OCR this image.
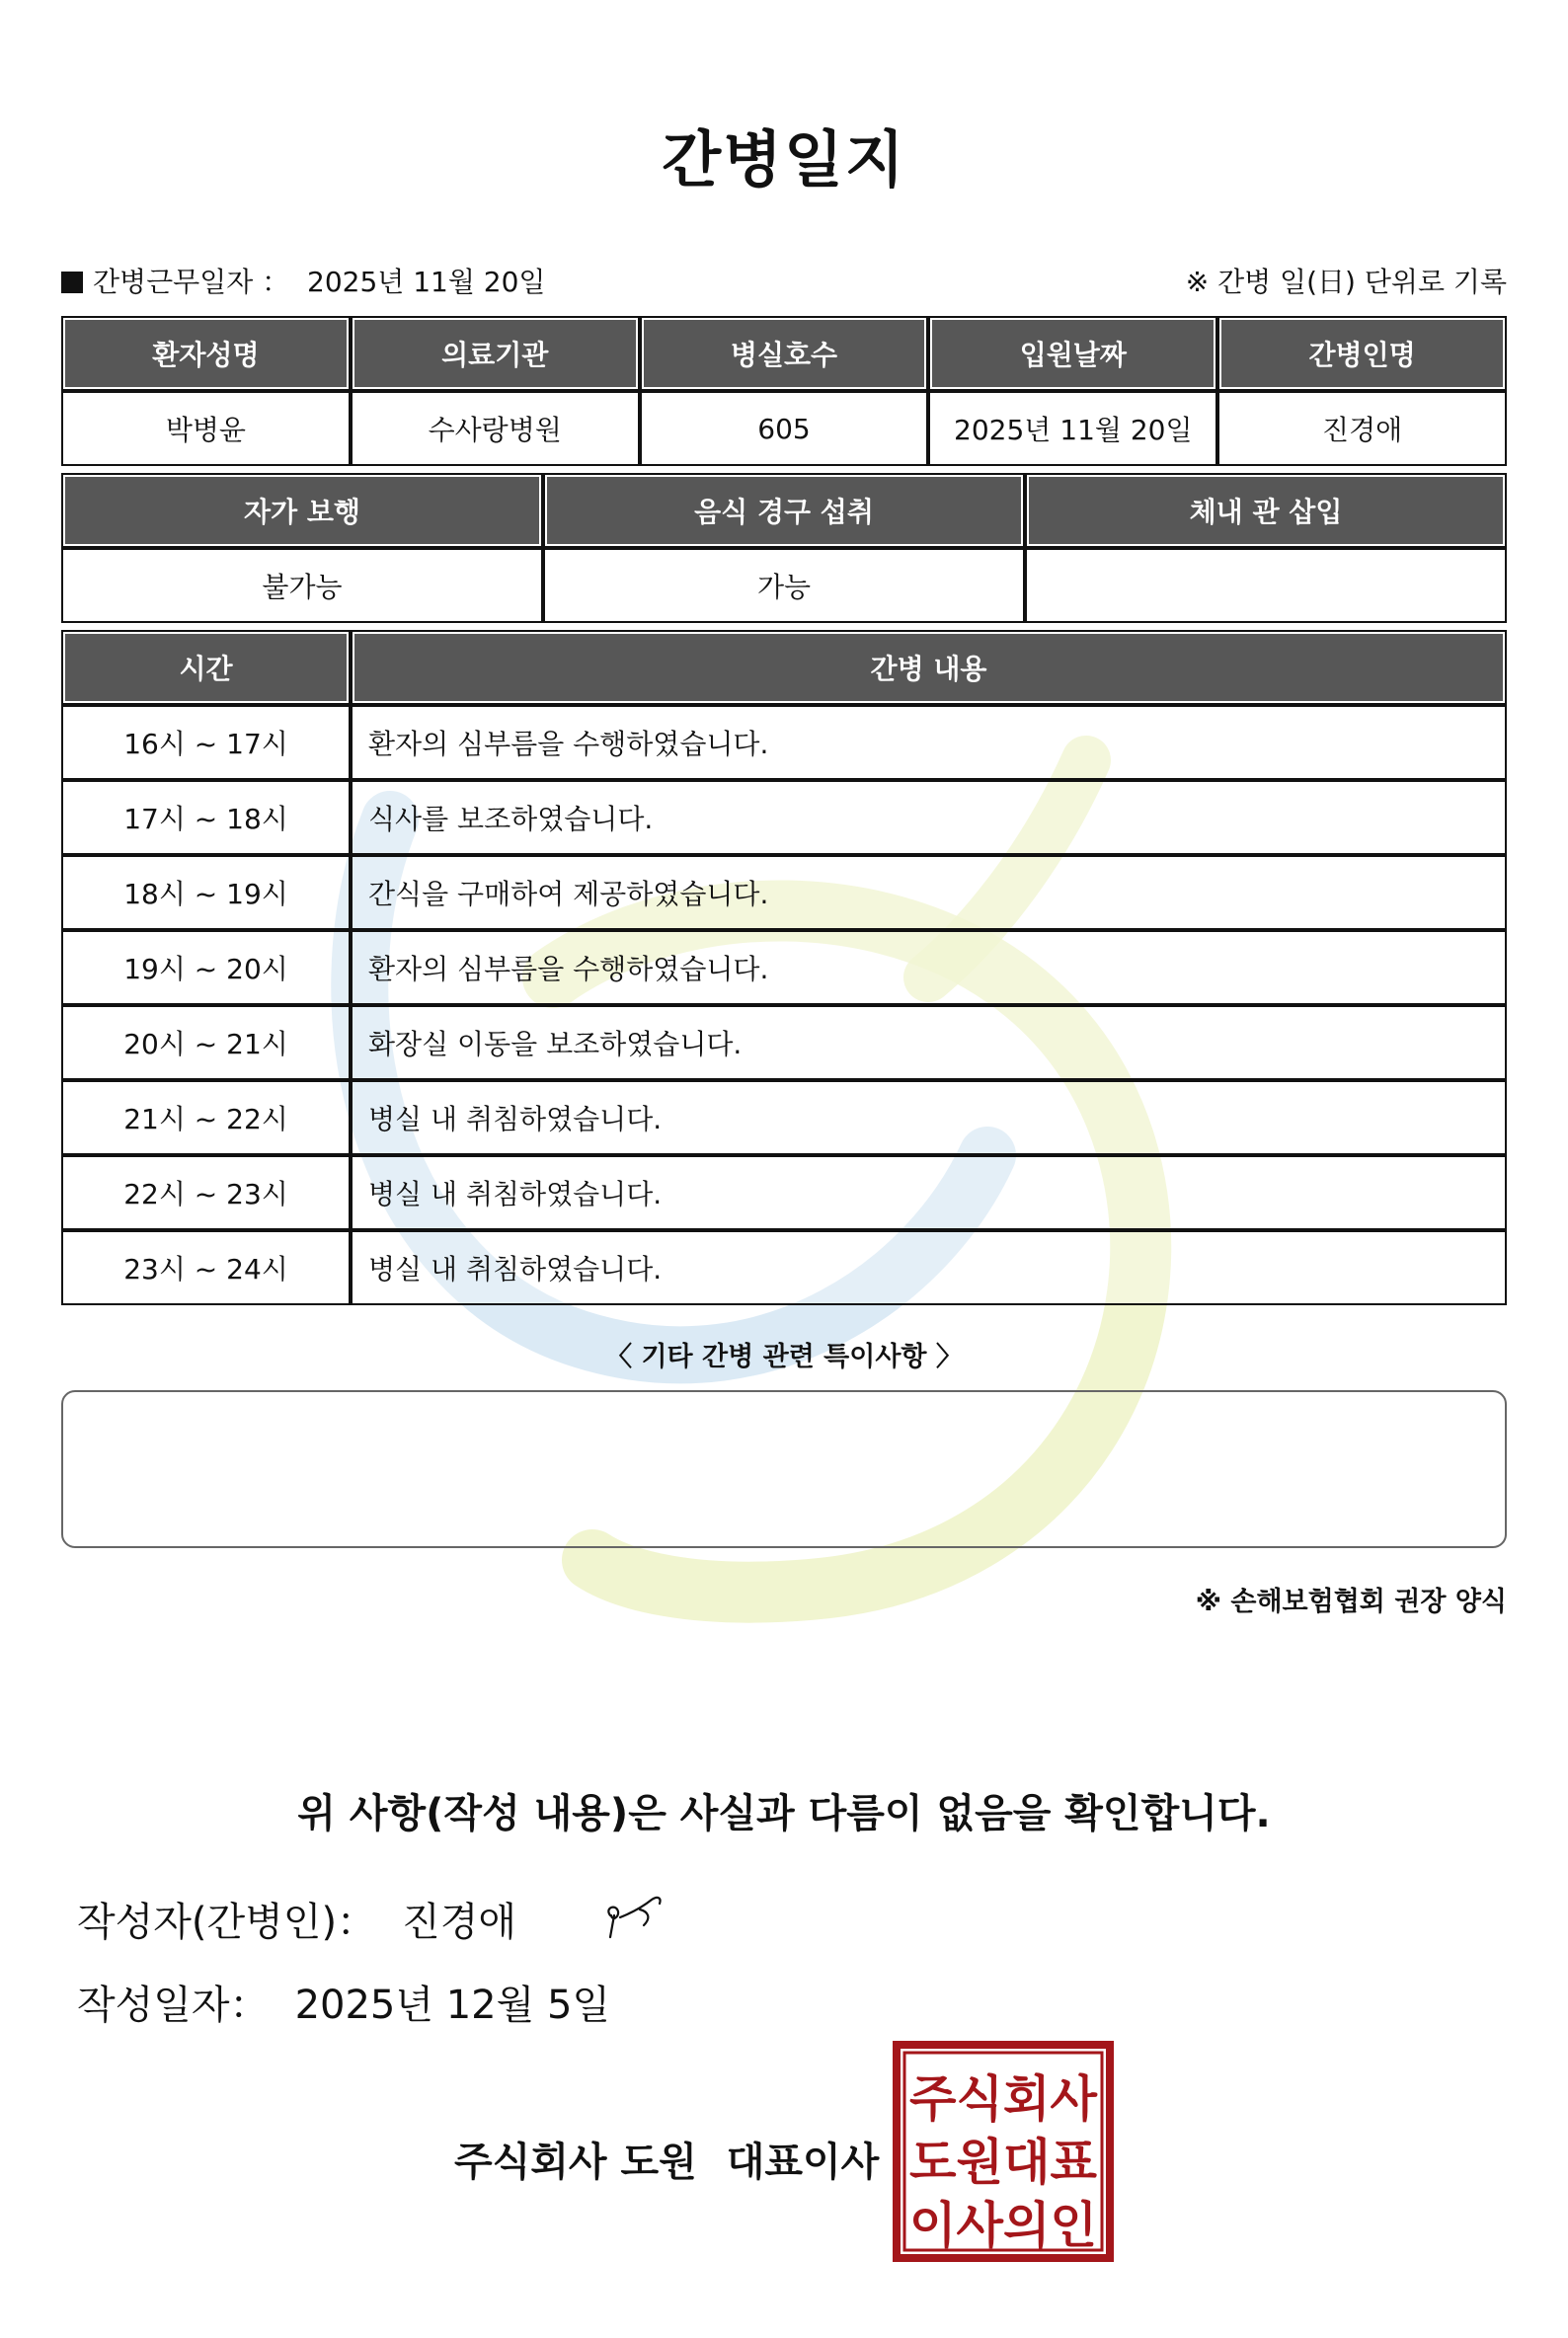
간병일지
간병근무일자 ： 2025년 11월 20일	※ 간병 일(日) 단위로 기록
환자성명	의료기관	병실호수	입원날짜	간병인명
박병윤	수사랑병원	605	2025년 11월 20일	진경애
자가 보행	음식 경구 섭취	체내 관 삽입
불가능	가능	
시간	간병 내용
16시 ~ 17시	환자의 심부름을 수행하였습니다.
17시 ~ 18시	식사를 보조하였습니다.
18시 ~ 19시	간식을 구매하여 제공하였습니다.
19시 ~ 20시	환자의 심부름을 수행하였습니다.
20시 ~ 21시	화장실 이동을 보조하였습니다.
21시 ~ 22시	병실 내 취침하였습니다.
22시 ~ 23시	병실 내 취침하였습니다.
23시 ~ 24시	병실 내 취침하였습니다.
〈 기타 간병 관련 특이사항 〉
※ 손해보험협회 권장 양식
위 사항(작성 내용)은 사실과 다름이 없음을 확인합니다.
작성자(간병인)： 진경애
작성일자： 2025년 12월 5일
주식회사 도원 대표이사
주식회사
도원대표
이사의인
